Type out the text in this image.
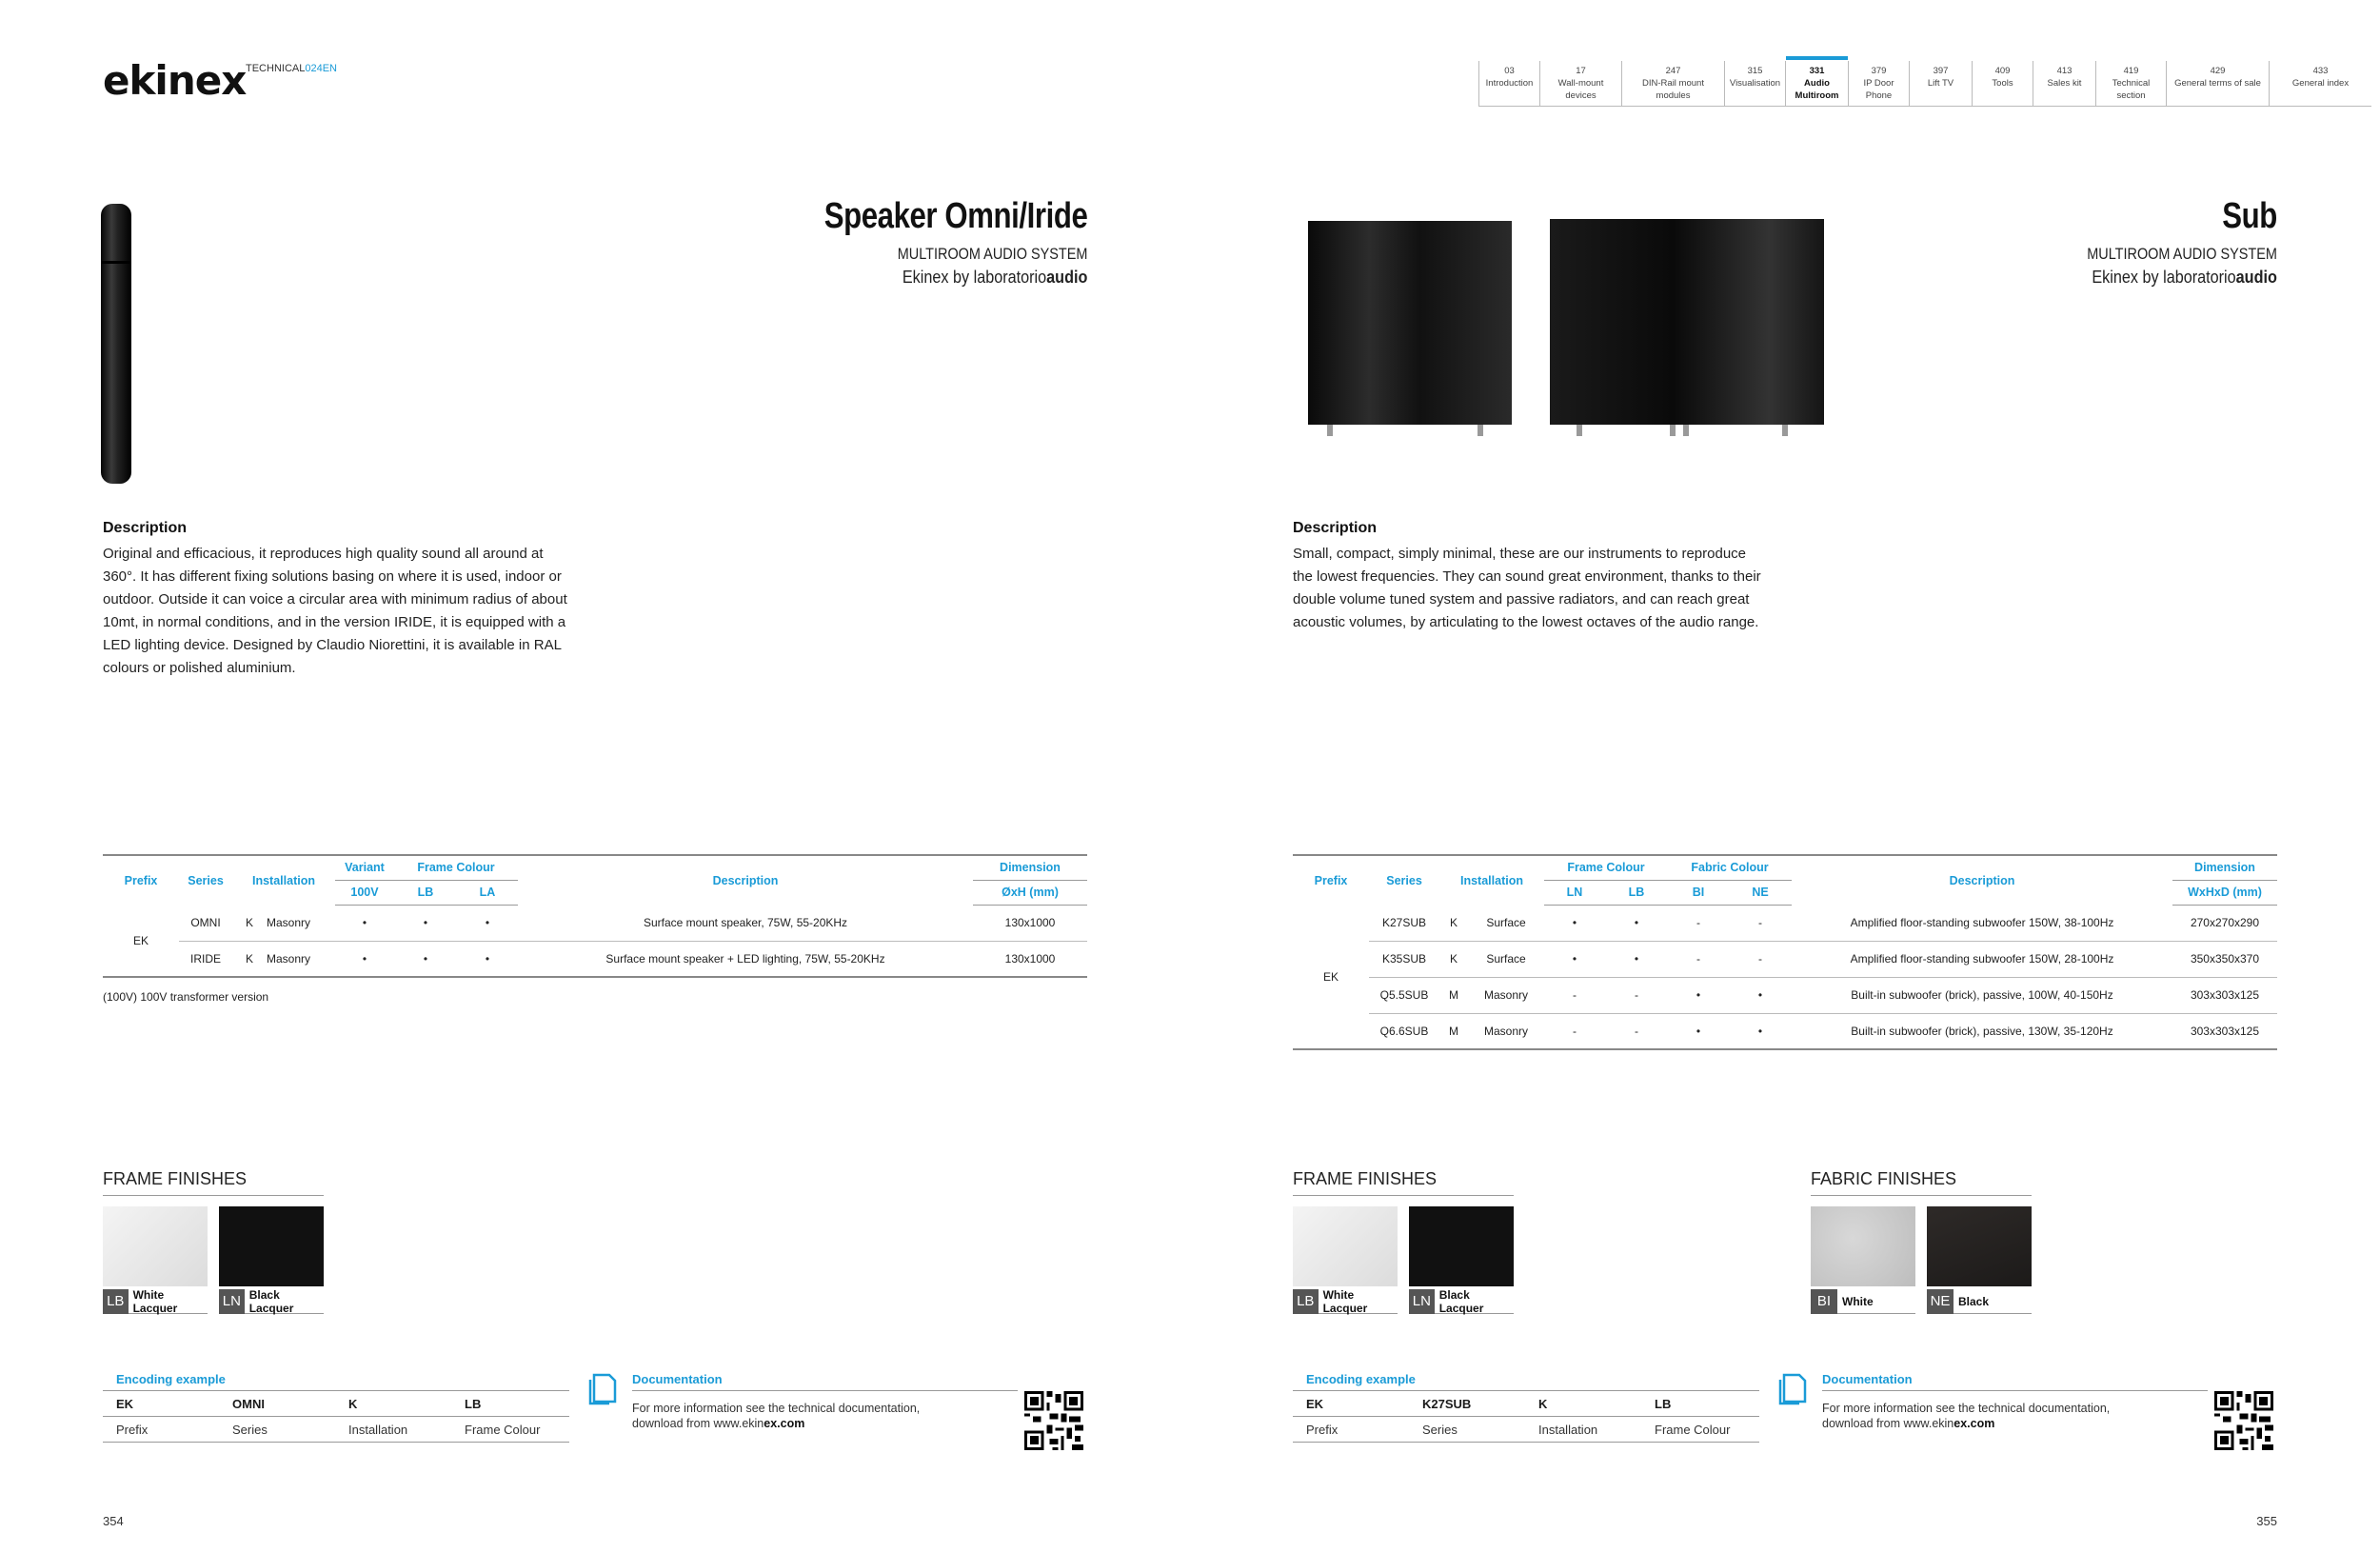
ekinex TECHNICAL024EN	03
Introduction
17
Wall-mount devices
247
DIN-Rail mount modules
315
Visualisation
331
Audio Multiroom
379
IP Door Phone
397
Lift TV
409
Tools
413
Sales kit
419
Technical section
429
General terms of sale
433
General index
Speaker Omni/Iride
MULTIROOM AUDIO SYSTEM
Ekinex by laboratorioaudio
Description

Original and efficacious, it reproduces high quality sound all around at 360°. It has different fixing solutions basing on where it is used, indoor or outdoor. Outside it can voice a circular area with minimum radius of about 10mt, in normal conditions, and in the version IRIDE, it is equipped with a LED lighting device. Designed by Claudio Niorettini, it is available in RAL colours or polished aluminium.

Prefix	Series	Installation		Variant	Frame Colour		Description	Dimension
				100V	LB	LA		ØxH (mm)
EK	OMNI	K	Masonry	•	•	•	Surface mount speaker, 75W, 55-20KHz	130x1000
	IRIDE	K	Masonry	•	•	•	Surface mount speaker + LED lighting, 75W, 55-20KHz	130x1000
(100V) 100V transformer version
FRAME FINISHES
LB White Lacquer	LN Black Lacquer
Encoding example
EK	OMNI	K	LB
Prefix	Series	Installation	Frame Colour
Documentation
For more information see the technical documentation,
download from www.ekinex.com
354
Sub
MULTIROOM AUDIO SYSTEM
Ekinex by laboratorioaudio
Description

Small, compact, simply minimal, these are our instruments to reproduce the lowest frequencies. They can sound great environment, thanks to their double volume tuned system and passive radiators, and can reach great acoustic volumes, by articulating to the lowest octaves of the audio range.

Prefix	Series	Installation		Frame Colour		Fabric Colour		Description	Dimension
				LN	LB	BI	NE		WxHxD (mm)
EK	K27SUB	K	Surface	•	•	-	-	Amplified floor-standing subwoofer 150W, 38-100Hz	270x270x290
	K35SUB	K	Surface	•	•	-	-	Amplified floor-standing subwoofer 150W, 28-100Hz	350x350x370
	Q5.5SUB	M	Masonry	-	-	•	•	Built-in subwoofer (brick), passive, 100W, 40-150Hz	303x303x125
	Q6.6SUB	M	Masonry	-	-	•	•	Built-in subwoofer (brick), passive, 130W, 35-120Hz	303x303x125
FRAME FINISHES
LB White Lacquer	LN Black Lacquer
FABRIC FINISHES
BI White	NE Black
Encoding example
EK	K27SUB	K	LB
Prefix	Series	Installation	Frame Colour
Documentation
For more information see the technical documentation,
download from www.ekinex.com
355
